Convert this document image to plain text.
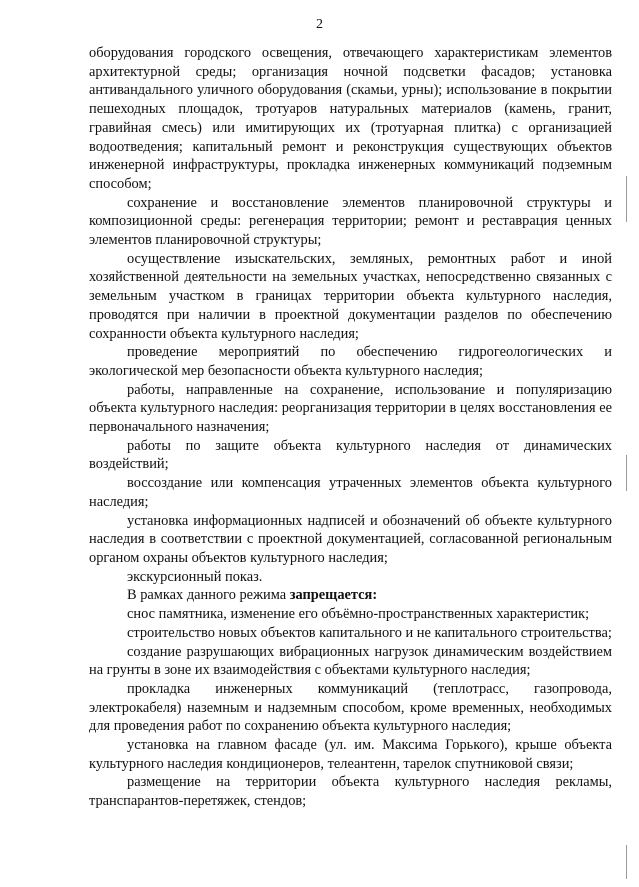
2

оборудования городского освещения, отвечающего характеристикам элементов архитектурной среды; организация ночной подсветки фасадов; установка антивандального уличного оборудования (скамьи, урны); использование в покрытии пешеходных площадок, тротуаров натуральных материалов (камень, гранит, гравийная смесь) или имитирующих их (тротуарная плитка) с организацией водоотведения; капитальный ремонт и реконструкция существующих объектов инженерной инфраструктуры, прокладка инженерных коммуникаций подземным способом;

сохранение и восстановление элементов планировочной структуры и композиционной среды: регенерация территории; ремонт и реставрация ценных элементов планировочной структуры;

осуществление изыскательских, земляных, ремонтных работ и иной хозяйственной деятельности на земельных участках, непосредственно связанных с земельным участком в границах территории объекта культурного наследия, проводятся при наличии в проектной документации разделов по обеспечению сохранности объекта культурного наследия;

проведение мероприятий по обеспечению гидрогеологических и экологической мер безопасности объекта культурного наследия;

работы, направленные на сохранение, использование и популяризацию объекта культурного наследия: реорганизация территории в целях восстановления ее первоначального назначения;

работы по защите объекта культурного наследия от динамических воздействий;

воссоздание или компенсация утраченных элементов объекта культурного наследия;

установка информационных надписей и обозначений об объекте культурного наследия в соответствии с проектной документацией, согласованной региональным органом охраны объектов культурного наследия;

экскурсионный показ.

В рамках данного режима запрещается:

снос памятника, изменение его объёмно-пространственных характеристик;

строительство новых объектов капитального и не капитального строительства;

создание разрушающих вибрационных нагрузок динамическим воздействием на грунты в зоне их взаимодействия с объектами культурного наследия;

прокладка инженерных коммуникаций (теплотрасс, газопровода, электрокабеля) наземным и надземным способом, кроме временных, необходимых для проведения работ по сохранению объекта культурного наследия;

установка на главном фасаде (ул. им. Максима Горького), крыше объекта культурного наследия кондиционеров, телеантенн, тарелок спутниковой связи;

размещение на территории объекта культурного наследия рекламы, транспарантов-перетяжек, стендов;
